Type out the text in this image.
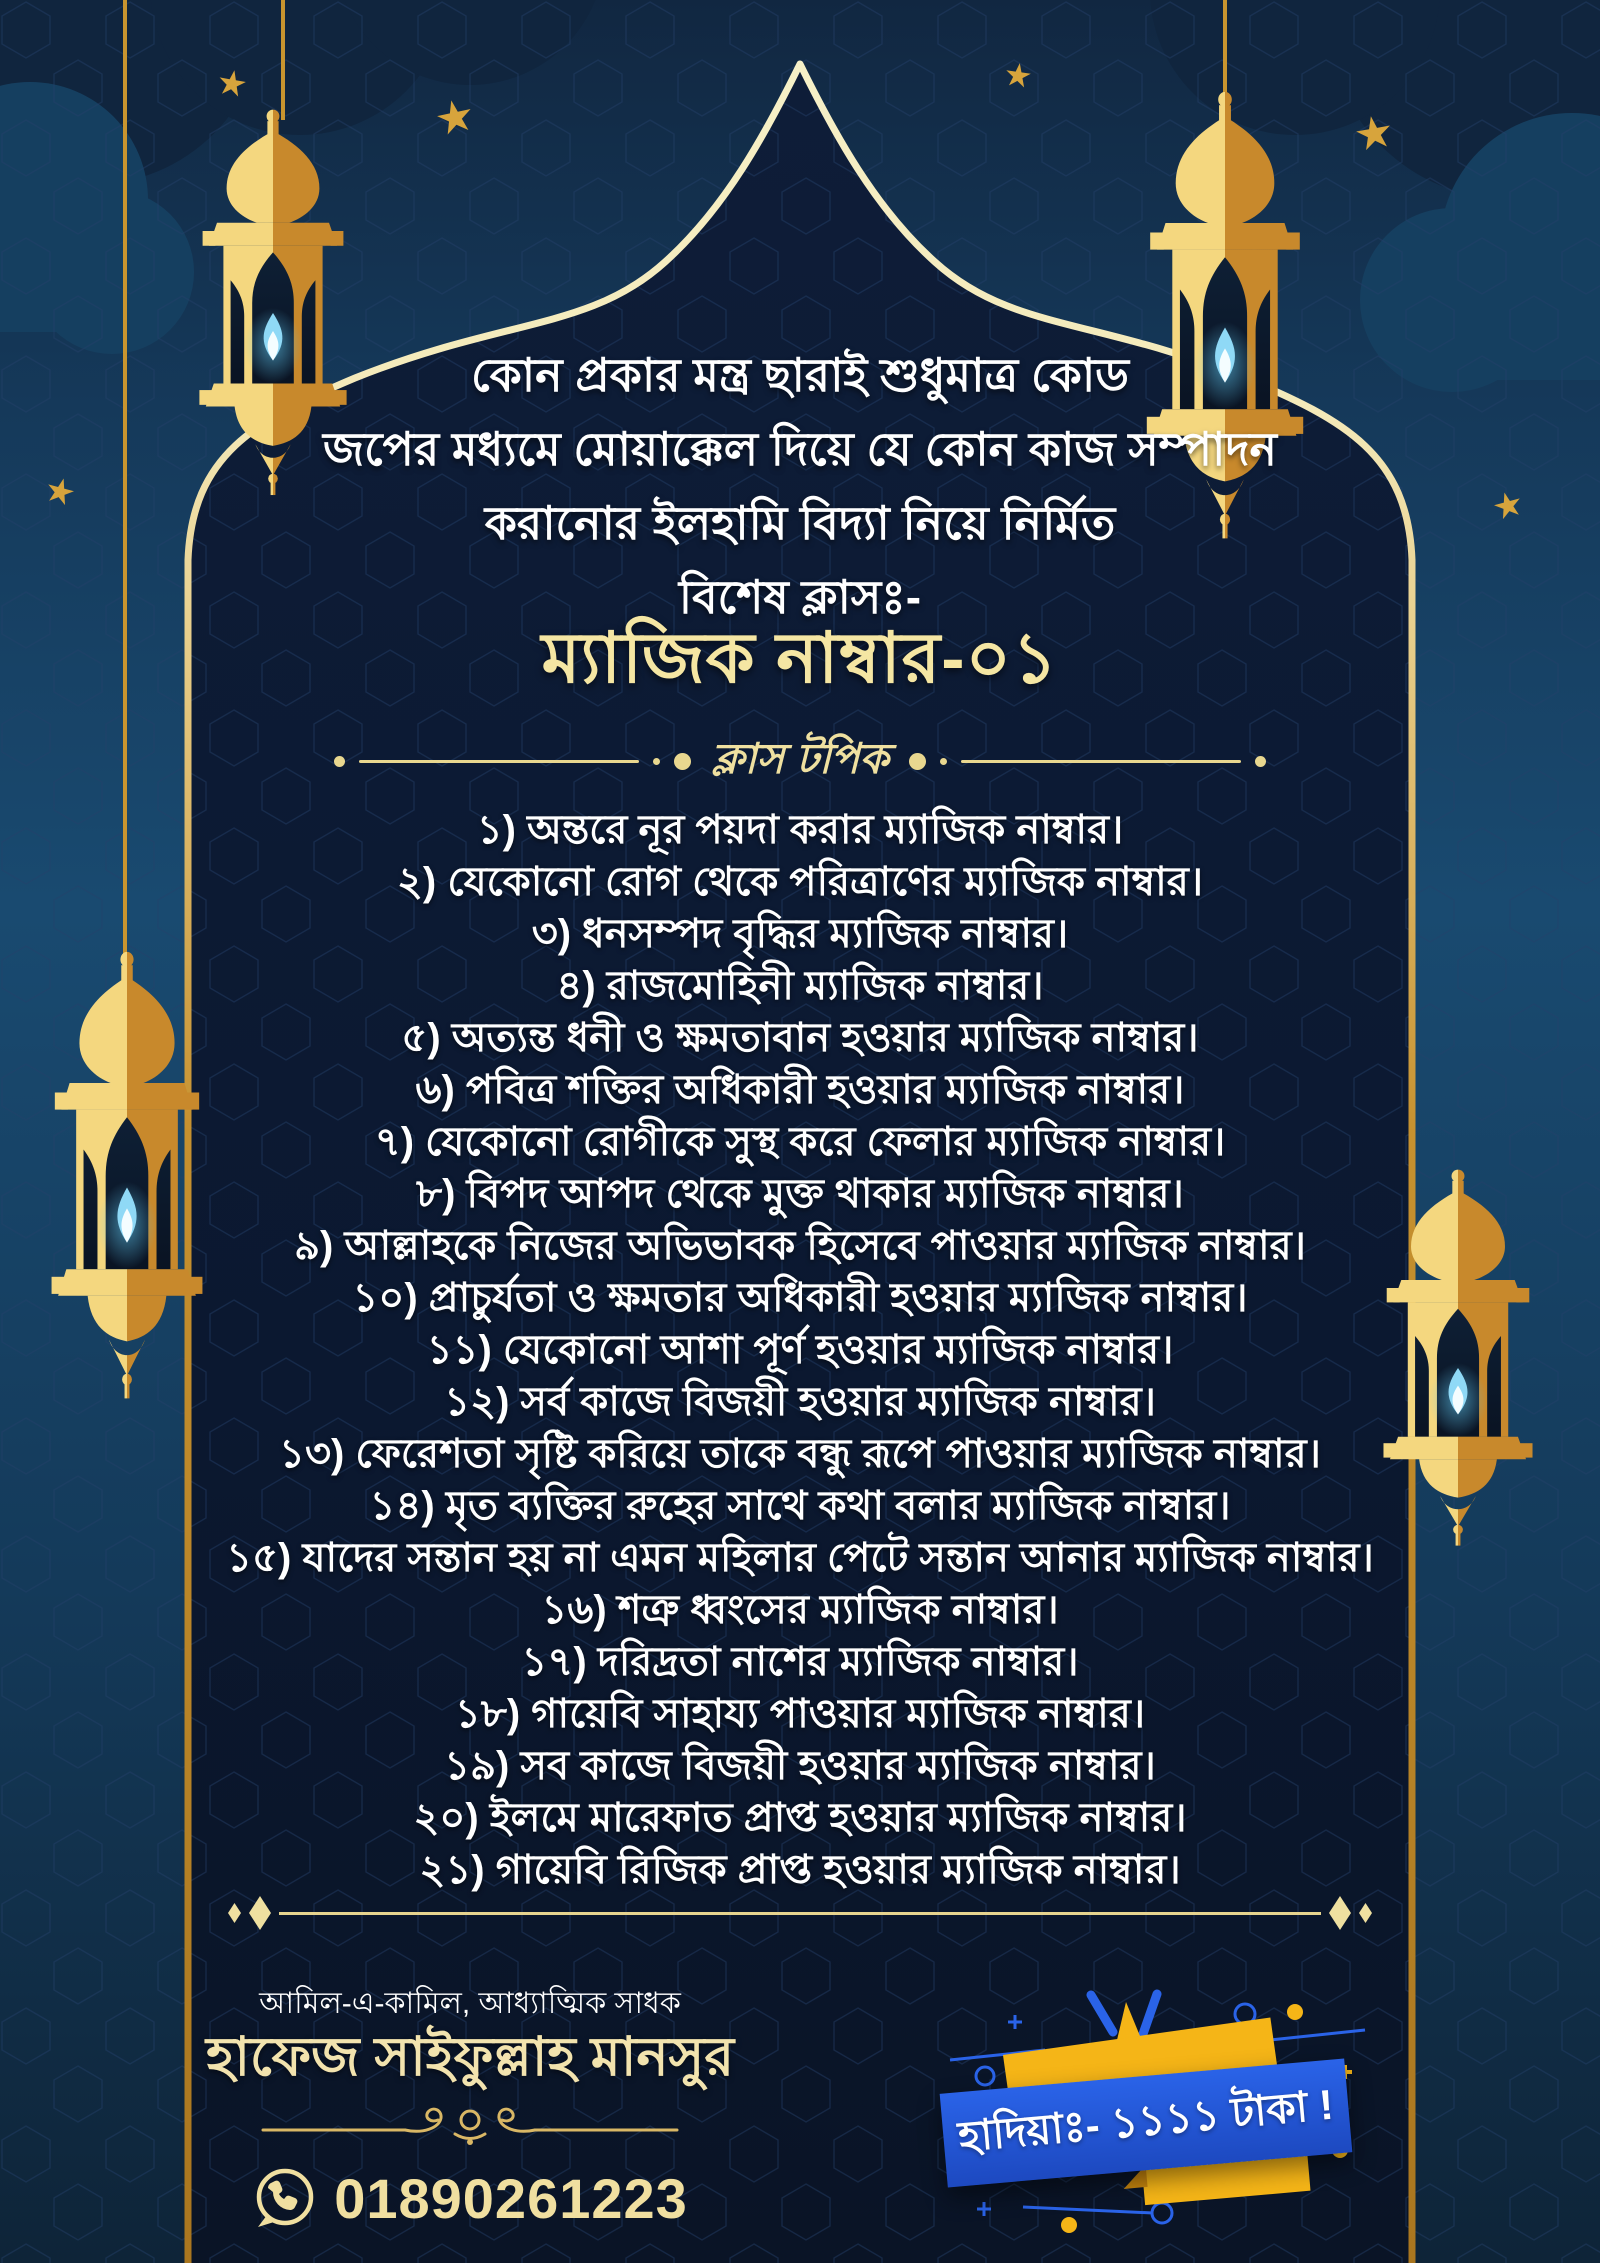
কোন প্রকার মন্ত্র ছারাই শুধুমাত্র কোড
জপের মধ্যমে মোয়াক্কেল দিয়ে যে কোন কাজ সম্পাদন
করানোর ইলহামি বিদ্যা নিয়ে নির্মিত
বিশেষ ক্লাসঃ-
ম্যাজিক নাম্বার-০১
ক্লাস টপিক
১) অন্তরে নূর পয়দা করার ম্যাজিক নাম্বার।
২) যেকোনো রোগ থেকে পরিত্রাণের ম্যাজিক নাম্বার।
৩) ধনসম্পদ বৃদ্ধির ম্যাজিক নাম্বার।
৪) রাজমোহিনী ম্যাজিক নাম্বার।
৫) অত্যন্ত ধনী ও ক্ষমতাবান হওয়ার ম্যাজিক নাম্বার।
৬) পবিত্র শক্তির অধিকারী হওয়ার ম্যাজিক নাম্বার।
৭) যেকোনো রোগীকে সুস্থ করে ফেলার ম্যাজিক নাম্বার।
৮) বিপদ আপদ থেকে মুক্ত থাকার ম্যাজিক নাম্বার।
৯) আল্লাহকে নিজের অভিভাবক হিসেবে পাওয়ার ম্যাজিক নাম্বার।
১০) প্রাচুর্যতা ও ক্ষমতার অধিকারী হওয়ার ম্যাজিক নাম্বার।
১১) যেকোনো আশা পূর্ণ হওয়ার ম্যাজিক নাম্বার।
১২) সর্ব কাজে বিজয়ী হওয়ার ম্যাজিক নাম্বার।
১৩) ফেরেশতা সৃষ্টি করিয়ে তাকে বন্ধু রূপে পাওয়ার ম্যাজিক নাম্বার।
১৪) মৃত ব্যক্তির রুহের সাথে কথা বলার ম্যাজিক নাম্বার।
১৫) যাদের সন্তান হয় না এমন মহিলার পেটে সন্তান আনার ম্যাজিক নাম্বার।
১৬) শত্রু ধ্বংসের ম্যাজিক নাম্বার।
১৭) দরিদ্রতা নাশের ম্যাজিক নাম্বার।
১৮) গায়েবি সাহায্য পাওয়ার ম্যাজিক নাম্বার।
১৯) সব কাজে বিজয়ী হওয়ার ম্যাজিক নাম্বার।
২০) ইলমে মারেফাত প্রাপ্ত হওয়ার ম্যাজিক নাম্বার।
২১) গায়েবি রিজিক প্রাপ্ত হওয়ার ম্যাজিক নাম্বার।
আমিল-এ-কামিল, আধ্যাত্মিক সাধক
হাফেজ সাইফুল্লাহ মানসুর
01890261223
হাদিয়াঃ- ১১১১ টাকা !
